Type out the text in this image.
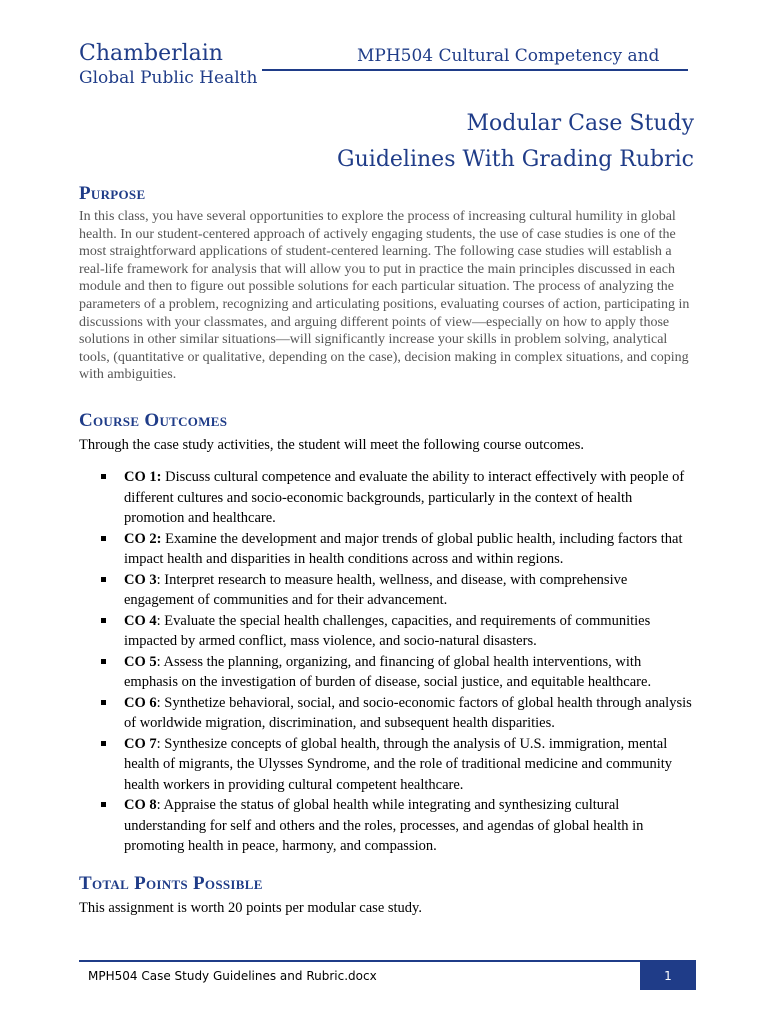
Chamberlain
Global Public Health
MPH504 Cultural Competency and
Modular Case Study
Guidelines With Grading Rubric
Purpose
In this class, you have several opportunities to explore the process of increasing cultural humility in global health. In our student-centered approach of actively engaging students, the use of case studies is one of the most straightforward applications of student-centered learning. The following case studies will establish a real-life framework for analysis that will allow you to put in practice the main principles discussed in each module and then to figure out possible solutions for each particular situation. The process of analyzing the parameters of a problem, recognizing and articulating positions, evaluating courses of action, participating in discussions with your classmates, and arguing different points of view—especially on how to apply those solutions in other similar situations—will significantly increase your skills in problem solving, analytical tools, (quantitative or qualitative, depending on the case), decision making in complex situations, and coping with ambiguities.
Course Outcomes
Through the case study activities, the student will meet the following course outcomes.
CO 1: Discuss cultural competence and evaluate the ability to interact effectively with people of different cultures and socio-economic backgrounds, particularly in the context of health promotion and healthcare.
CO 2: Examine the development and major trends of global public health, including factors that impact health and disparities in health conditions across and within regions.
CO 3: Interpret research to measure health, wellness, and disease, with comprehensive engagement of communities and for their advancement.
CO 4: Evaluate the special health challenges, capacities, and requirements of communities impacted by armed conflict, mass violence, and socio-natural disasters.
CO 5: Assess the planning, organizing, and financing of global health interventions, with emphasis on the investigation of burden of disease, social justice, and equitable healthcare.
CO 6: Synthetize behavioral, social, and socio-economic factors of global health through analysis of worldwide migration, discrimination, and subsequent health disparities.
CO 7: Synthesize concepts of global health, through the analysis of U.S. immigration, mental health of migrants, the Ulysses Syndrome, and the role of traditional medicine and community health workers in providing cultural competent healthcare.
CO 8: Appraise the status of global health while integrating and synthesizing cultural understanding for self and others and the roles, processes, and agendas of global health in promoting health in peace, harmony, and compassion.
Total Points Possible
This assignment is worth 20 points per modular case study.
MPH504 Case Study Guidelines and Rubric.docx	1
